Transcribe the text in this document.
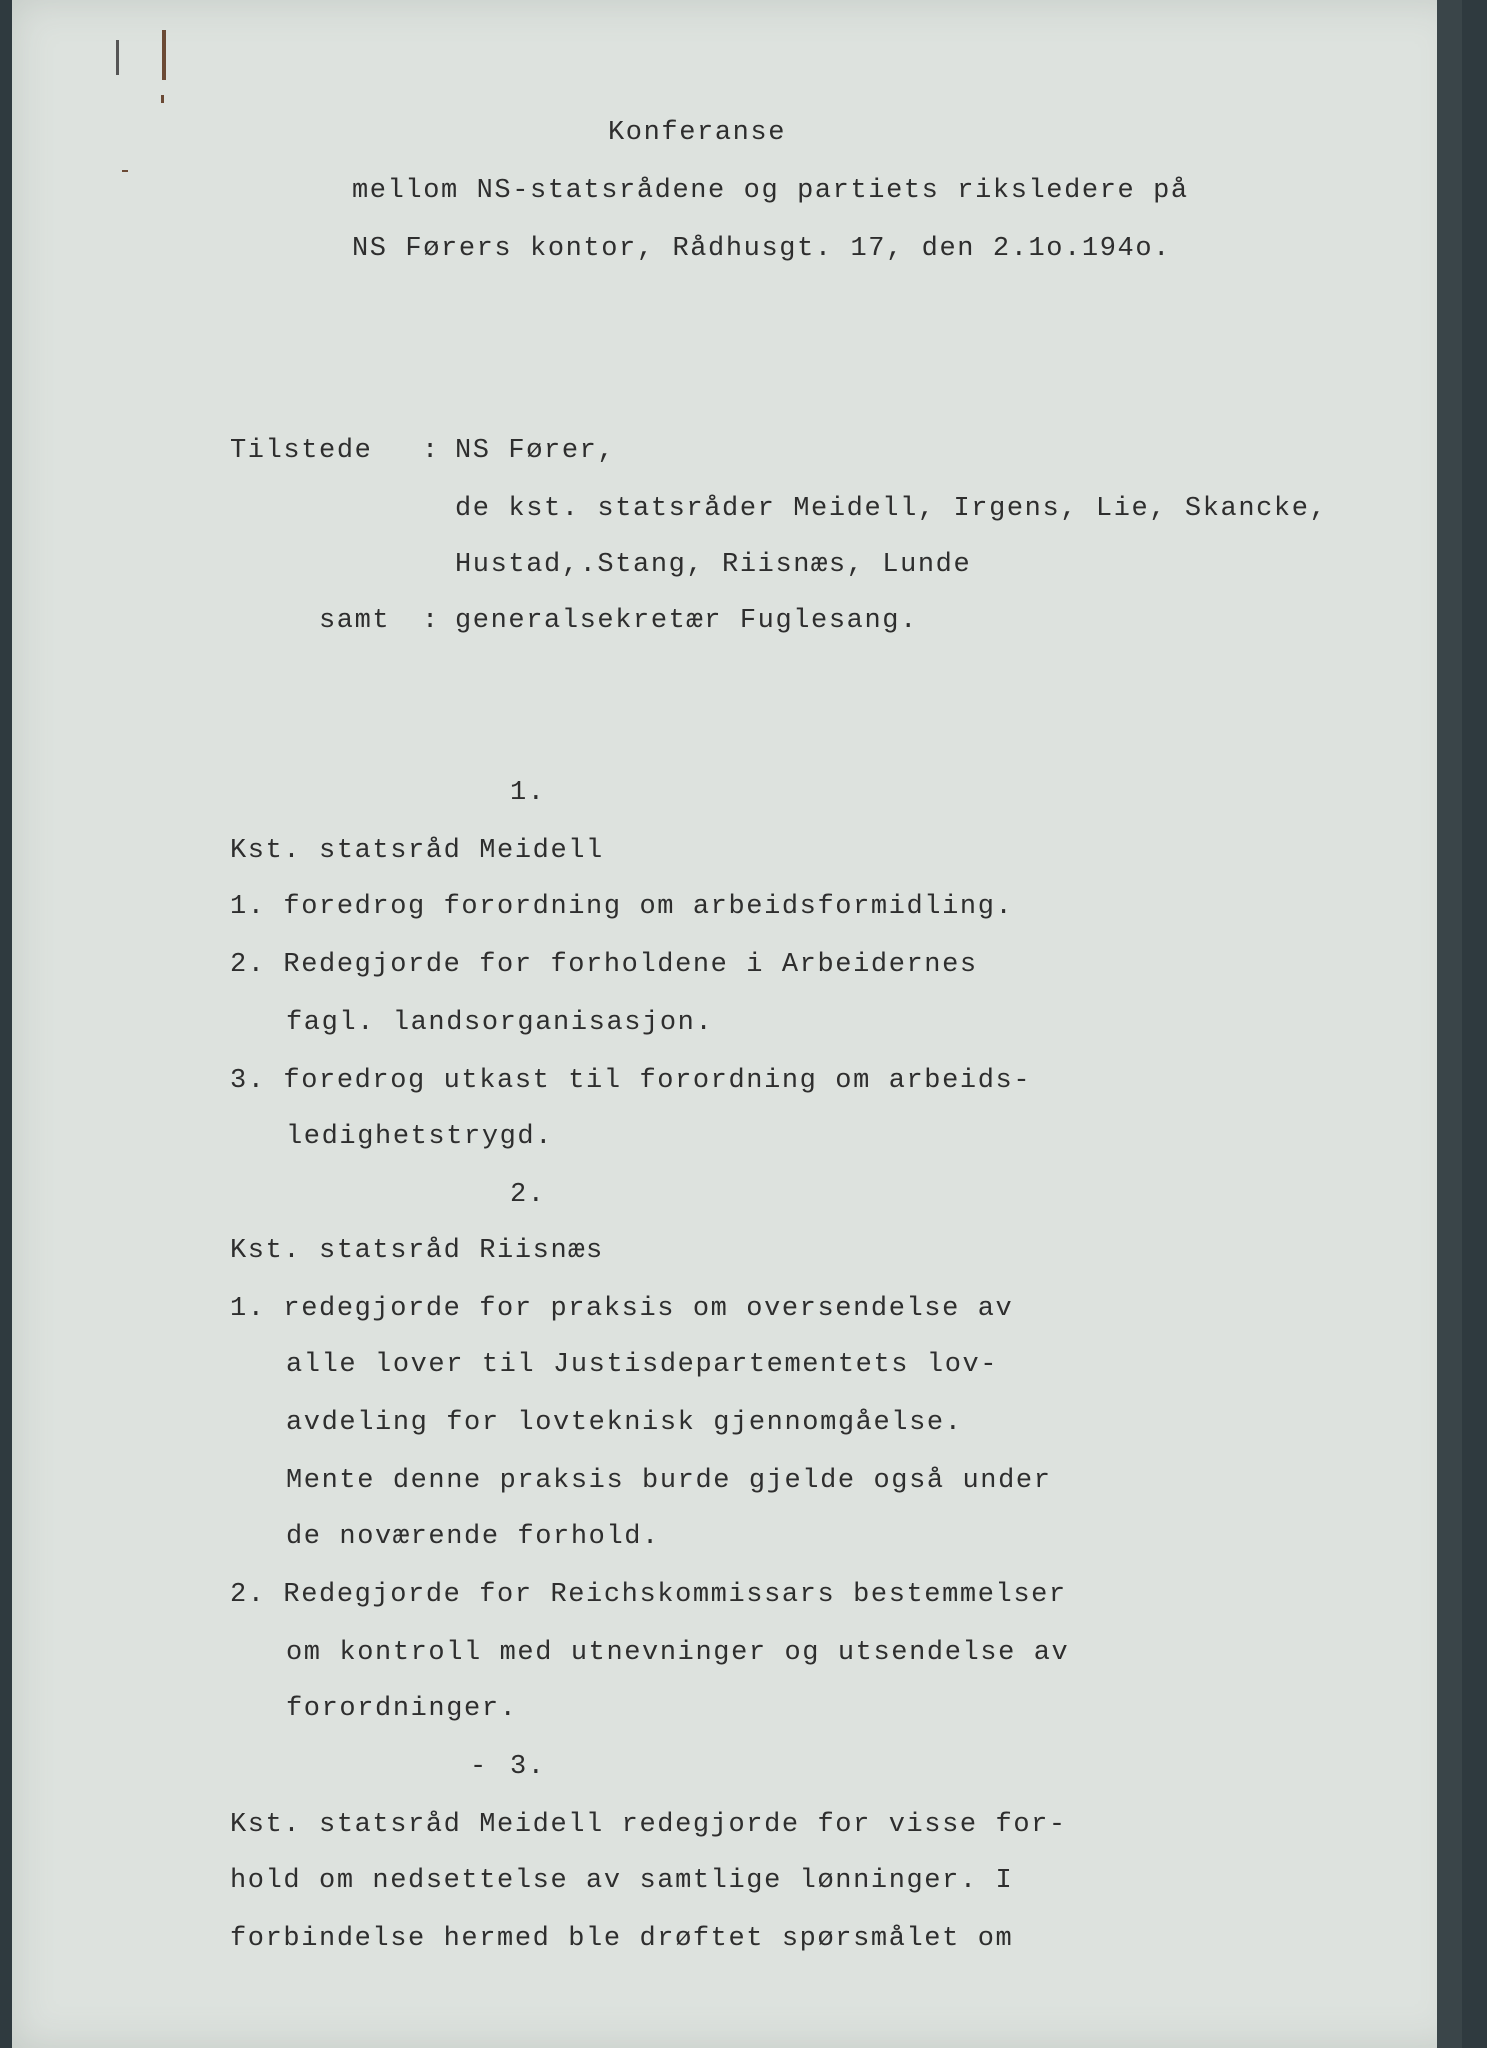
Konferanse
mellom NS-statsrådene og partiets riksledere på
NS Førers kontor, Rådhusgt. 17, den 2.1o.194o.
Tilstede : NS Fører,
de kst. statsråder Meidell, Irgens, Lie, Skancke,
Hustad,.Stang, Riisnæs, Lunde
samt : generalsekretær Fuglesang.
1.
Kst. statsråd Meidell
1. foredrog forordning om arbeidsformidling.
2. Redegjorde for forholdene i Arbeidernes
fagl. landsorganisasjon.
3. foredrog utkast til forordning om arbeids-
ledighetstrygd.
2.
Kst. statsråd Riisnæs
1. redegjorde for praksis om oversendelse av
alle lover til Justisdepartementets lov-
avdeling for lovteknisk gjennomgåelse.
Mente denne praksis burde gjelde også under
de noværende forhold.
2. Redegjorde for Reichskommissars bestemmelser
om kontroll med utnevninger og utsendelse av
forordninger.
- 3.
Kst. statsråd Meidell redegjorde for visse for-
hold om nedsettelse av samtlige lønninger. I
forbindelse hermed ble drøftet spørsmålet om
